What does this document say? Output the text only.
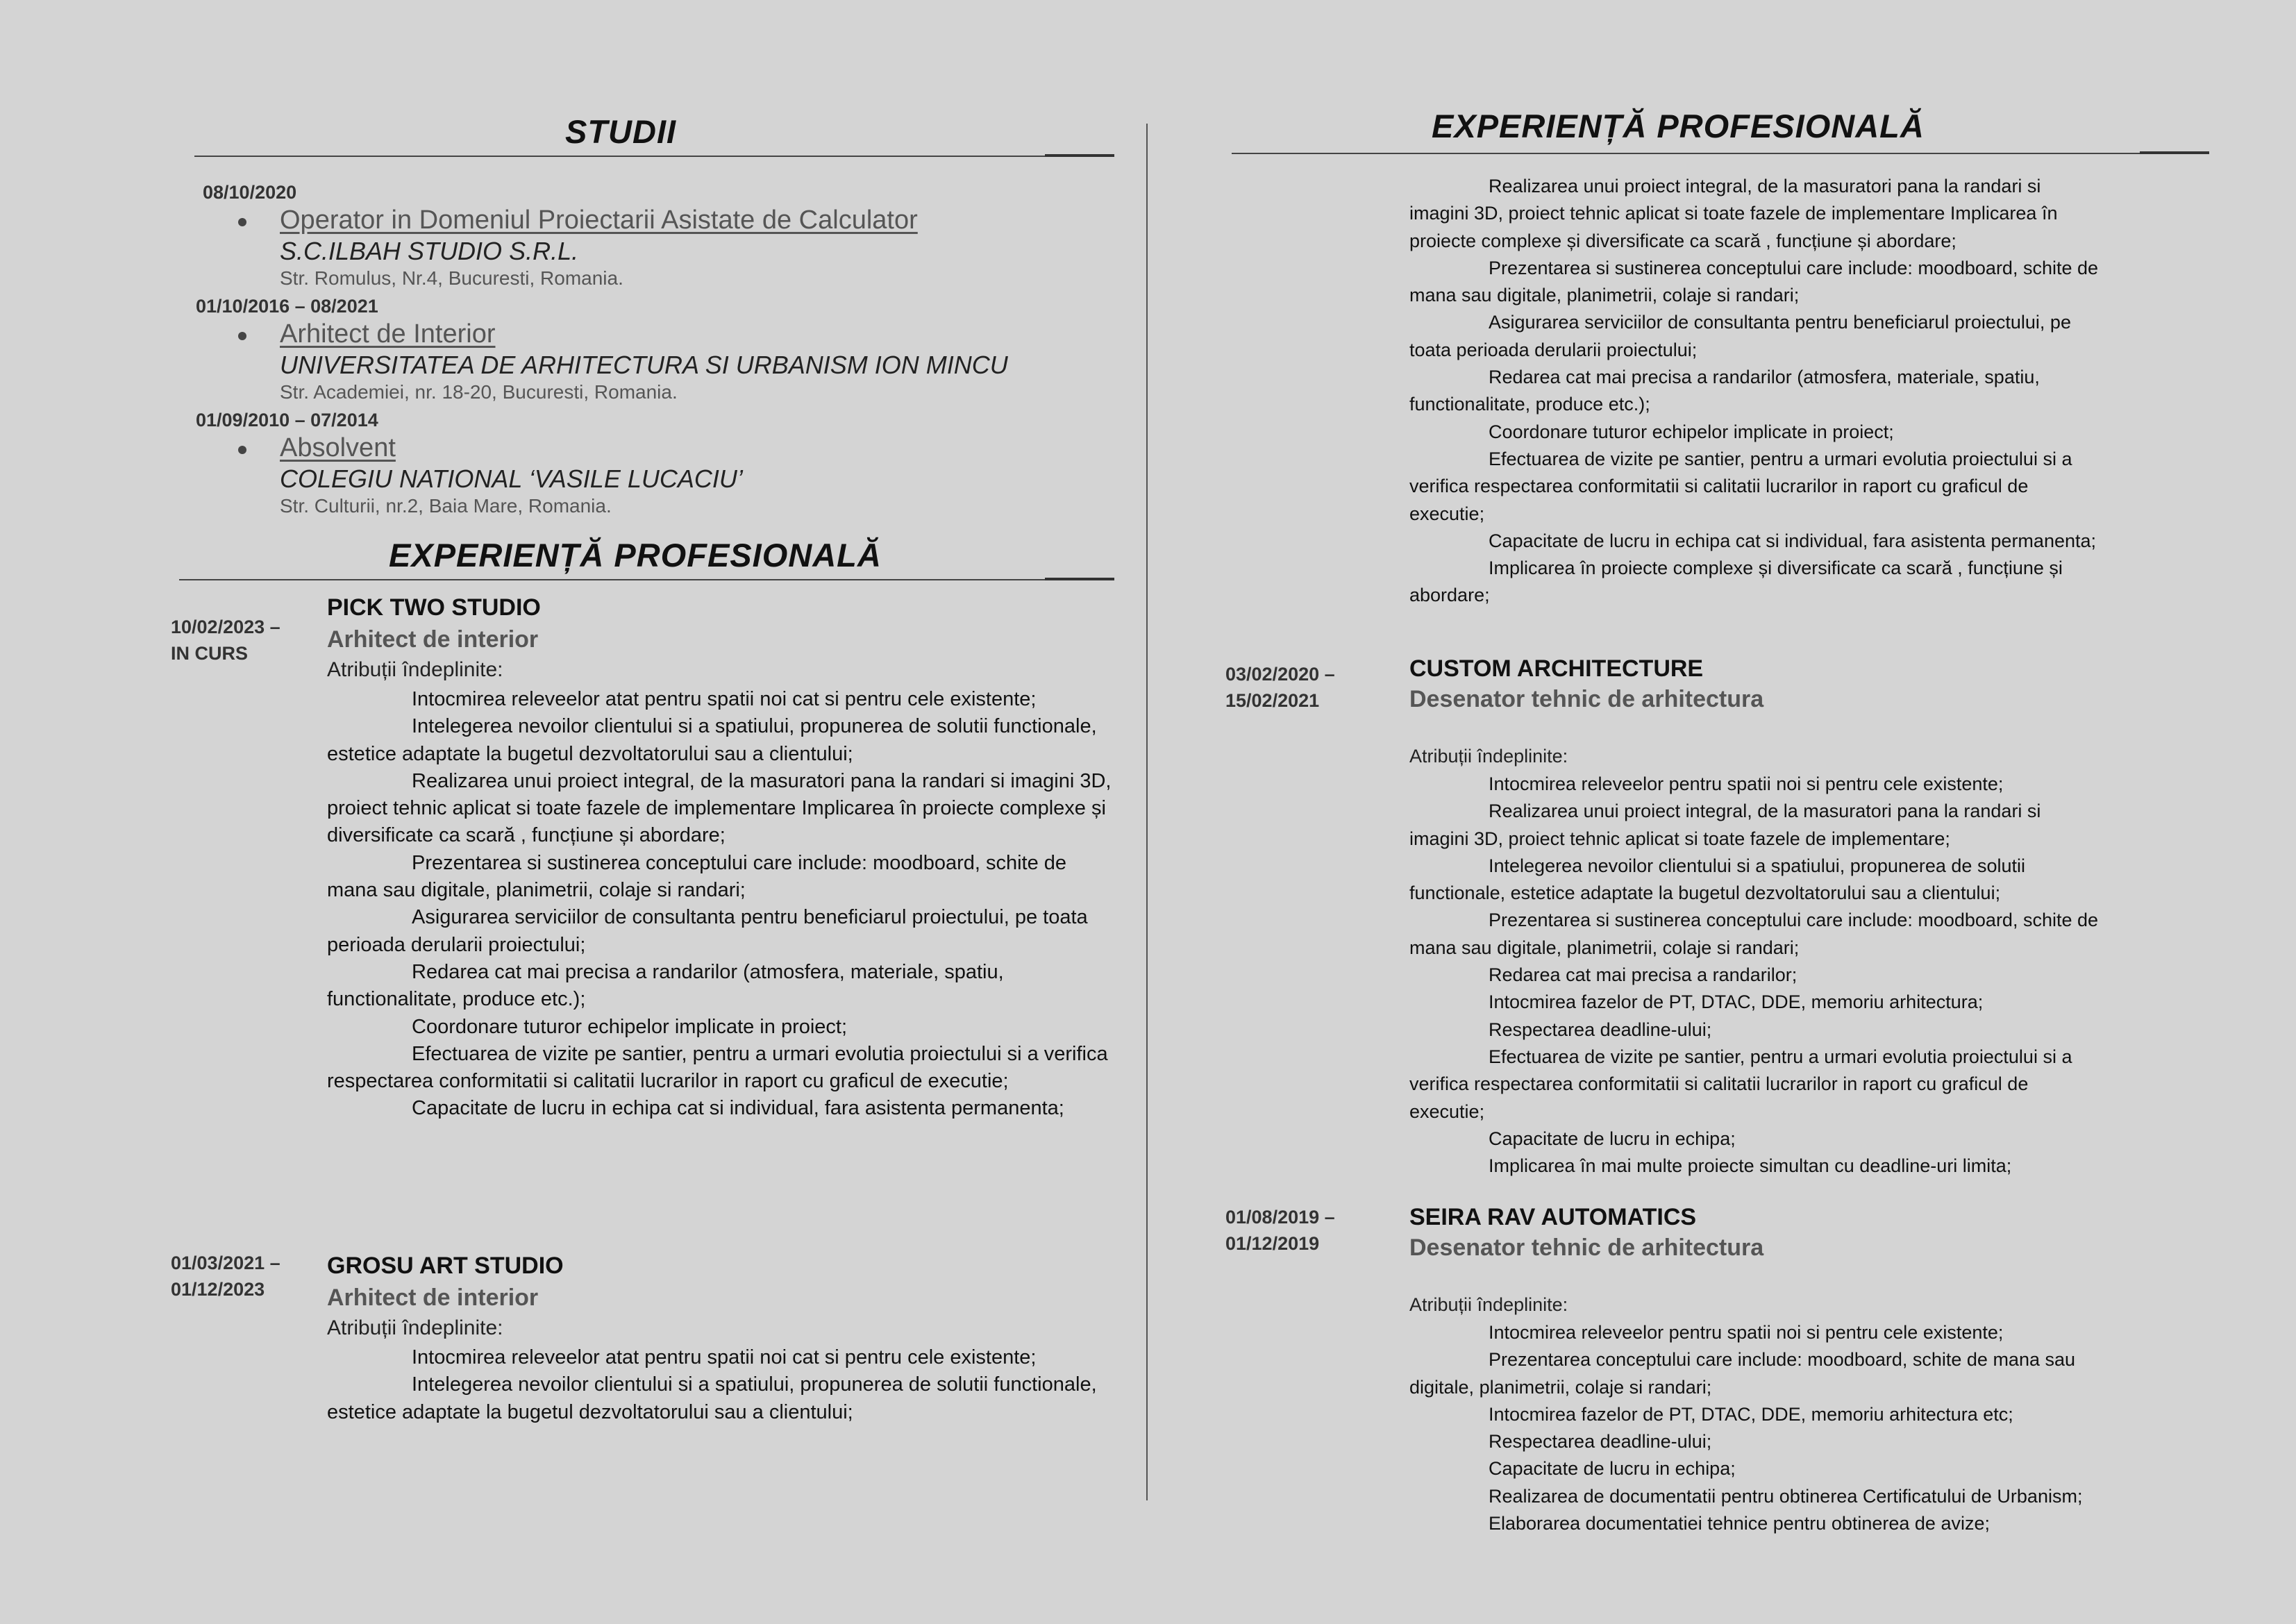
STUDII
08/10/2020
Operator in Domeniul Proiectarii Asistate de Calculator
S.C.ILBAH STUDIO S.R.L.
Str. Romulus, Nr.4, Bucuresti, Romania.
01/10/2016 – 08/2021
Arhitect de Interior
UNIVERSITATEA DE ARHITECTURA SI URBANISM ION MINCU
Str. Academiei, nr. 18-20, Bucuresti, Romania.
01/09/2010 – 07/2014
Absolvent
COLEGIU NATIONAL ‘VASILE LUCACIU’
Str. Culturii, nr.2, Baia Mare, Romania.
EXPERIENȚĂ PROFESIONALĂ
10/02/2023 –
IN CURS
PICK TWO STUDIO
Arhitect de interior
Atribuții îndeplinite:

Intocmirea releveelor atat pentru spatii noi cat si pentru cele existente;

Intelegerea nevoilor clientului si a spatiului, propunerea de solutii functionale, estetice adaptate la bugetul dezvoltatorului sau a clientului;

Realizarea unui proiect integral, de la masuratori pana la randari si imagini 3D, proiect tehnic aplicat si toate fazele de implementare Implicarea în proiecte complexe și diversificate ca scară , funcțiune și abordare;

Prezentarea si sustinerea conceptului care include: moodboard, schite de mana sau digitale, planimetrii, colaje si randari;

Asigurarea serviciilor de consultanta pentru beneficiarul proiectului, pe toata perioada derularii proiectului;

Redarea cat mai precisa a randarilor (atmosfera, materiale, spatiu, functionalitate, produce etc.);

Coordonare tuturor echipelor implicate in proiect;

Efectuarea de vizite pe santier, pentru a urmari evolutia proiectului si a verifica respectarea conformitatii si calitatii lucrarilor in raport cu graficul de executie;

Capacitate de lucru in echipa cat si individual, fara asistenta permanenta;

01/03/2021 –
01/12/2023
GROSU ART STUDIO
Arhitect de interior
Atribuții îndeplinite:

Intocmirea releveelor atat pentru spatii noi cat si pentru cele existente;

Intelegerea nevoilor clientului si a spatiului, propunerea de solutii functionale, estetice adaptate la bugetul dezvoltatorului sau a clientului;

EXPERIENȚĂ PROFESIONALĂ

Realizarea unui proiect integral, de la masuratori pana la randari si imagini 3D, proiect tehnic aplicat si toate fazele de implementare Implicarea în proiecte complexe și diversificate ca scară , funcțiune și abordare;

Prezentarea si sustinerea conceptului care include: moodboard, schite de mana sau digitale, planimetrii, colaje si randari;

Asigurarea serviciilor de consultanta pentru beneficiarul proiectului, pe toata perioada derularii proiectului;

Redarea cat mai precisa a randarilor (atmosfera, materiale, spatiu, functionalitate, produce etc.);

Coordonare tuturor echipelor implicate in proiect;

Efectuarea de vizite pe santier, pentru a urmari evolutia proiectului si a verifica respectarea conformitatii si calitatii lucrarilor in raport cu graficul de executie;

Capacitate de lucru in echipa cat si individual, fara asistenta permanenta;

Implicarea în proiecte complexe și diversificate ca scară , funcțiune și abordare;

03/02/2020 –
15/02/2021
CUSTOM ARCHITECTURE
Desenator tehnic de arhitectura
Atribuții îndeplinite:

Intocmirea releveelor pentru spatii noi si pentru cele existente;

Realizarea unui proiect integral, de la masuratori pana la randari si imagini 3D, proiect tehnic aplicat si toate fazele de implementare;

Intelegerea nevoilor clientului si a spatiului, propunerea de solutii functionale, estetice adaptate la bugetul dezvoltatorului sau a clientului;

Prezentarea si sustinerea conceptului care include: moodboard, schite de mana sau digitale, planimetrii, colaje si randari;

Redarea cat mai precisa a randarilor;

Intocmirea fazelor de PT, DTAC, DDE, memoriu arhitectura;

Respectarea deadline-ului;

Efectuarea de vizite pe santier, pentru a urmari evolutia proiectului si a verifica respectarea conformitatii si calitatii lucrarilor in raport cu graficul de executie;

Capacitate de lucru in echipa;

Implicarea în mai multe proiecte simultan cu deadline-uri limita;

01/08/2019 –
01/12/2019
SEIRA RAV AUTOMATICS
Desenator tehnic de arhitectura
Atribuții îndeplinite:

Intocmirea releveelor pentru spatii noi si pentru cele existente;

Prezentarea conceptului care include: moodboard, schite de mana sau digitale, planimetrii, colaje si randari;

Intocmirea fazelor de PT, DTAC, DDE, memoriu arhitectura etc;

Respectarea deadline-ului;

Capacitate de lucru in echipa;

Realizarea de documentatii pentru obtinerea Certificatului de Urbanism;

Elaborarea documentatiei tehnice pentru obtinerea de avize;
